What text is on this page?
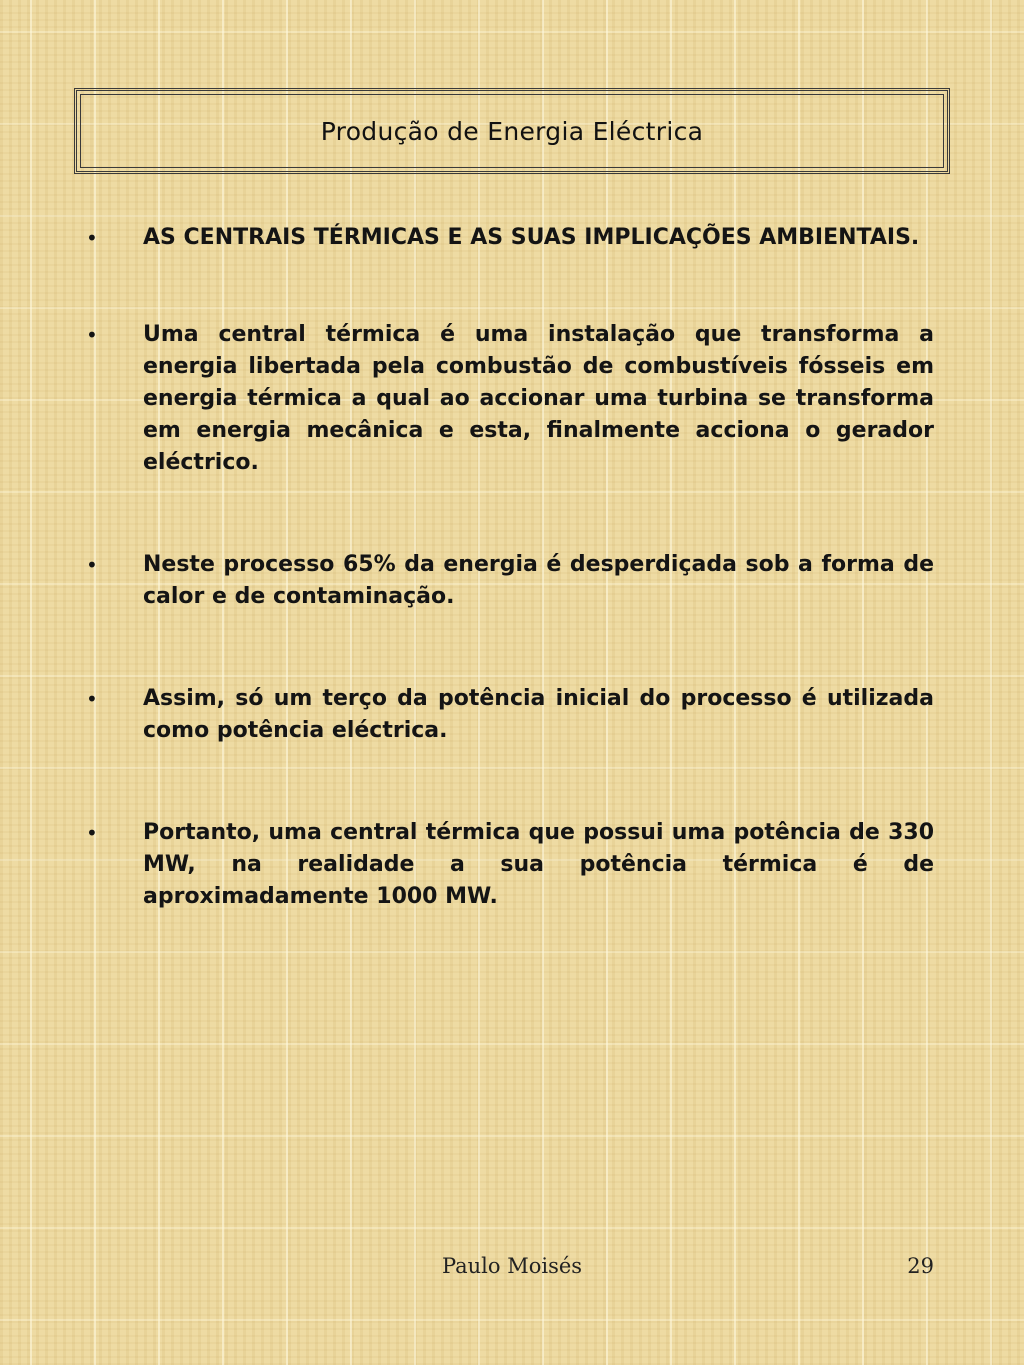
Produção de Energia Eléctrica
•	AS CENTRAIS TÉRMICAS E AS SUAS IMPLICAÇÕES AMBIENTAIS.
•	Uma central térmica é uma instalação que transforma a energia libertada pela combustão de combustíveis fósseis em energia térmica a qual ao accionar uma turbina se transforma em energia mecânica e esta, finalmente acciona o gerador eléctrico.
•	Neste processo 65% da energia é desperdiçada sob a forma de calor e de contaminação.
•	Assim, só um terço da potência inicial do processo é utilizada como potência eléctrica.
•	Portanto, uma central térmica que possui uma potência de 330 MW, na realidade a sua potência térmica é de aproximadamente 1000 MW.
Paulo Moisés	29
